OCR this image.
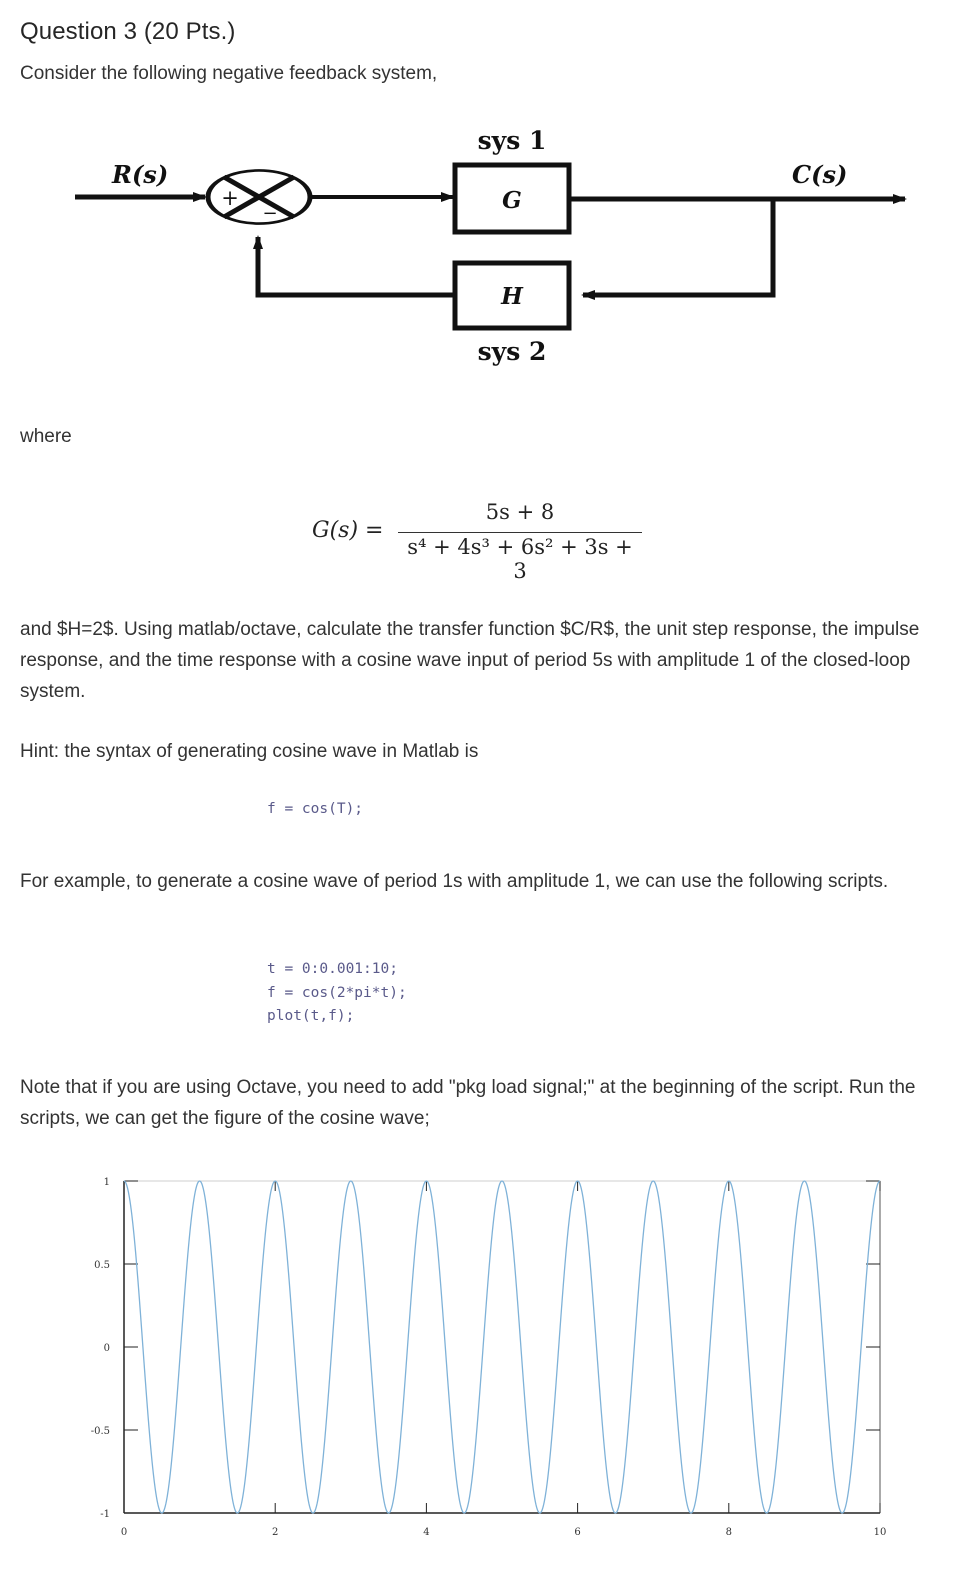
Question 3 (20 Pts.)
Consider the following negative feedback system,
sys 1
R(s)	C(s)
+
−	G
H
sys 2
where
G(s) =
5s + 8
s⁴ + 4s³ + 6s² + 3s + 3
and $H=2$. Using matlab/octave, calculate the transfer function $C/R$, the unit step response, the impulse response, and the time response with a cosine wave input of period 5s with amplitude 1 of the closed-loop system.
Hint: the syntax of generating cosine wave in Matlab is
f = cos(T);
For example, to generate a cosine wave of period 1s with amplitude 1, we can use the following scripts.
t = 0:0.001:10;
f = cos(2*pi*t);
plot(t,f);
Note that if you are using Octave, you need to add "pkg load signal;" at the beginning of the script. Run the scripts, we can get the figure of the cosine wave;
0	2	4	6	8	10
1
0.5
0
-0.5
-1
